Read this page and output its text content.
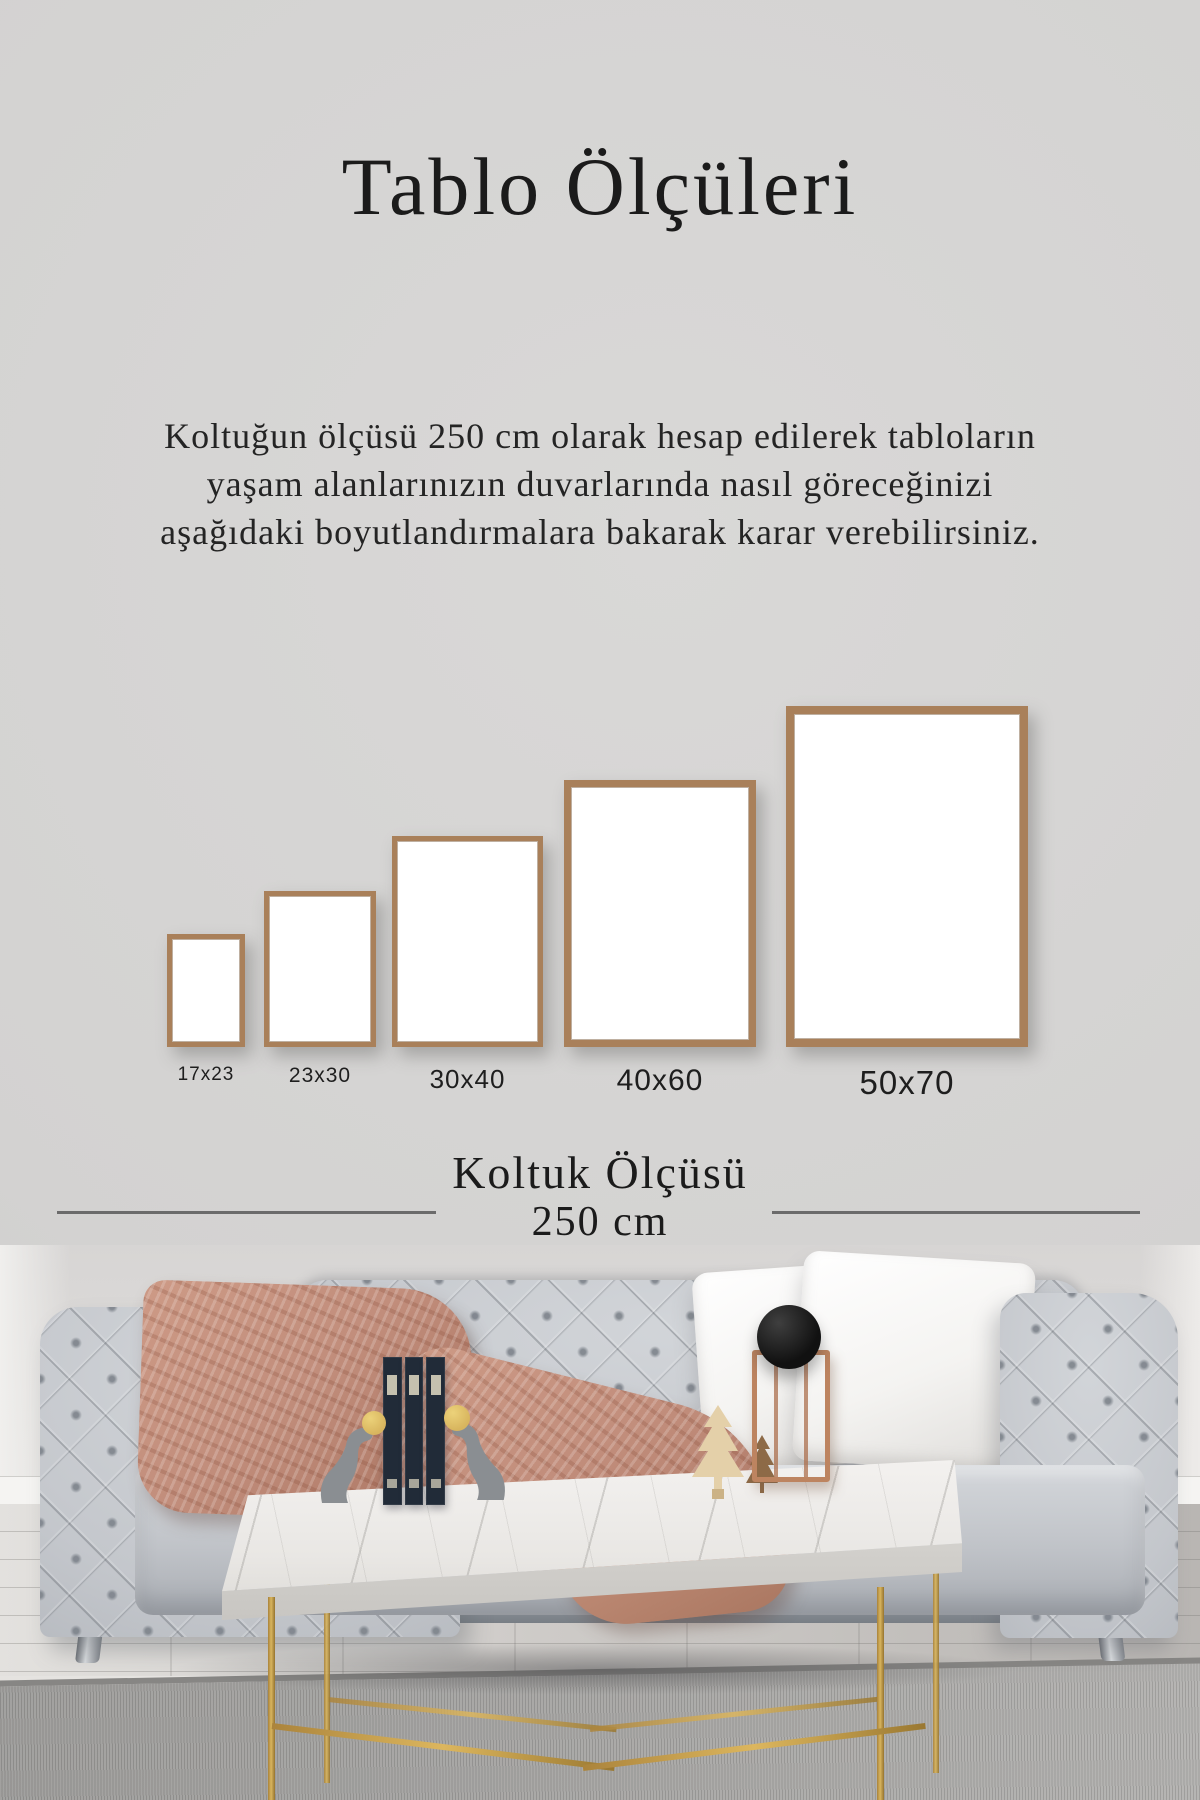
Tablo Ölçüleri
Koltuğun ölçüsü 250 cm olarak hesap edilerek tabloların
yaşam alanlarınızın duvarlarında nasıl göreceğinizi
aşağıdaki boyutlandırmalara bakarak karar verebilirsiniz.
17x23	23x30	30x40	40x60	50x70
Koltuk Ölçüsü
250 cm
